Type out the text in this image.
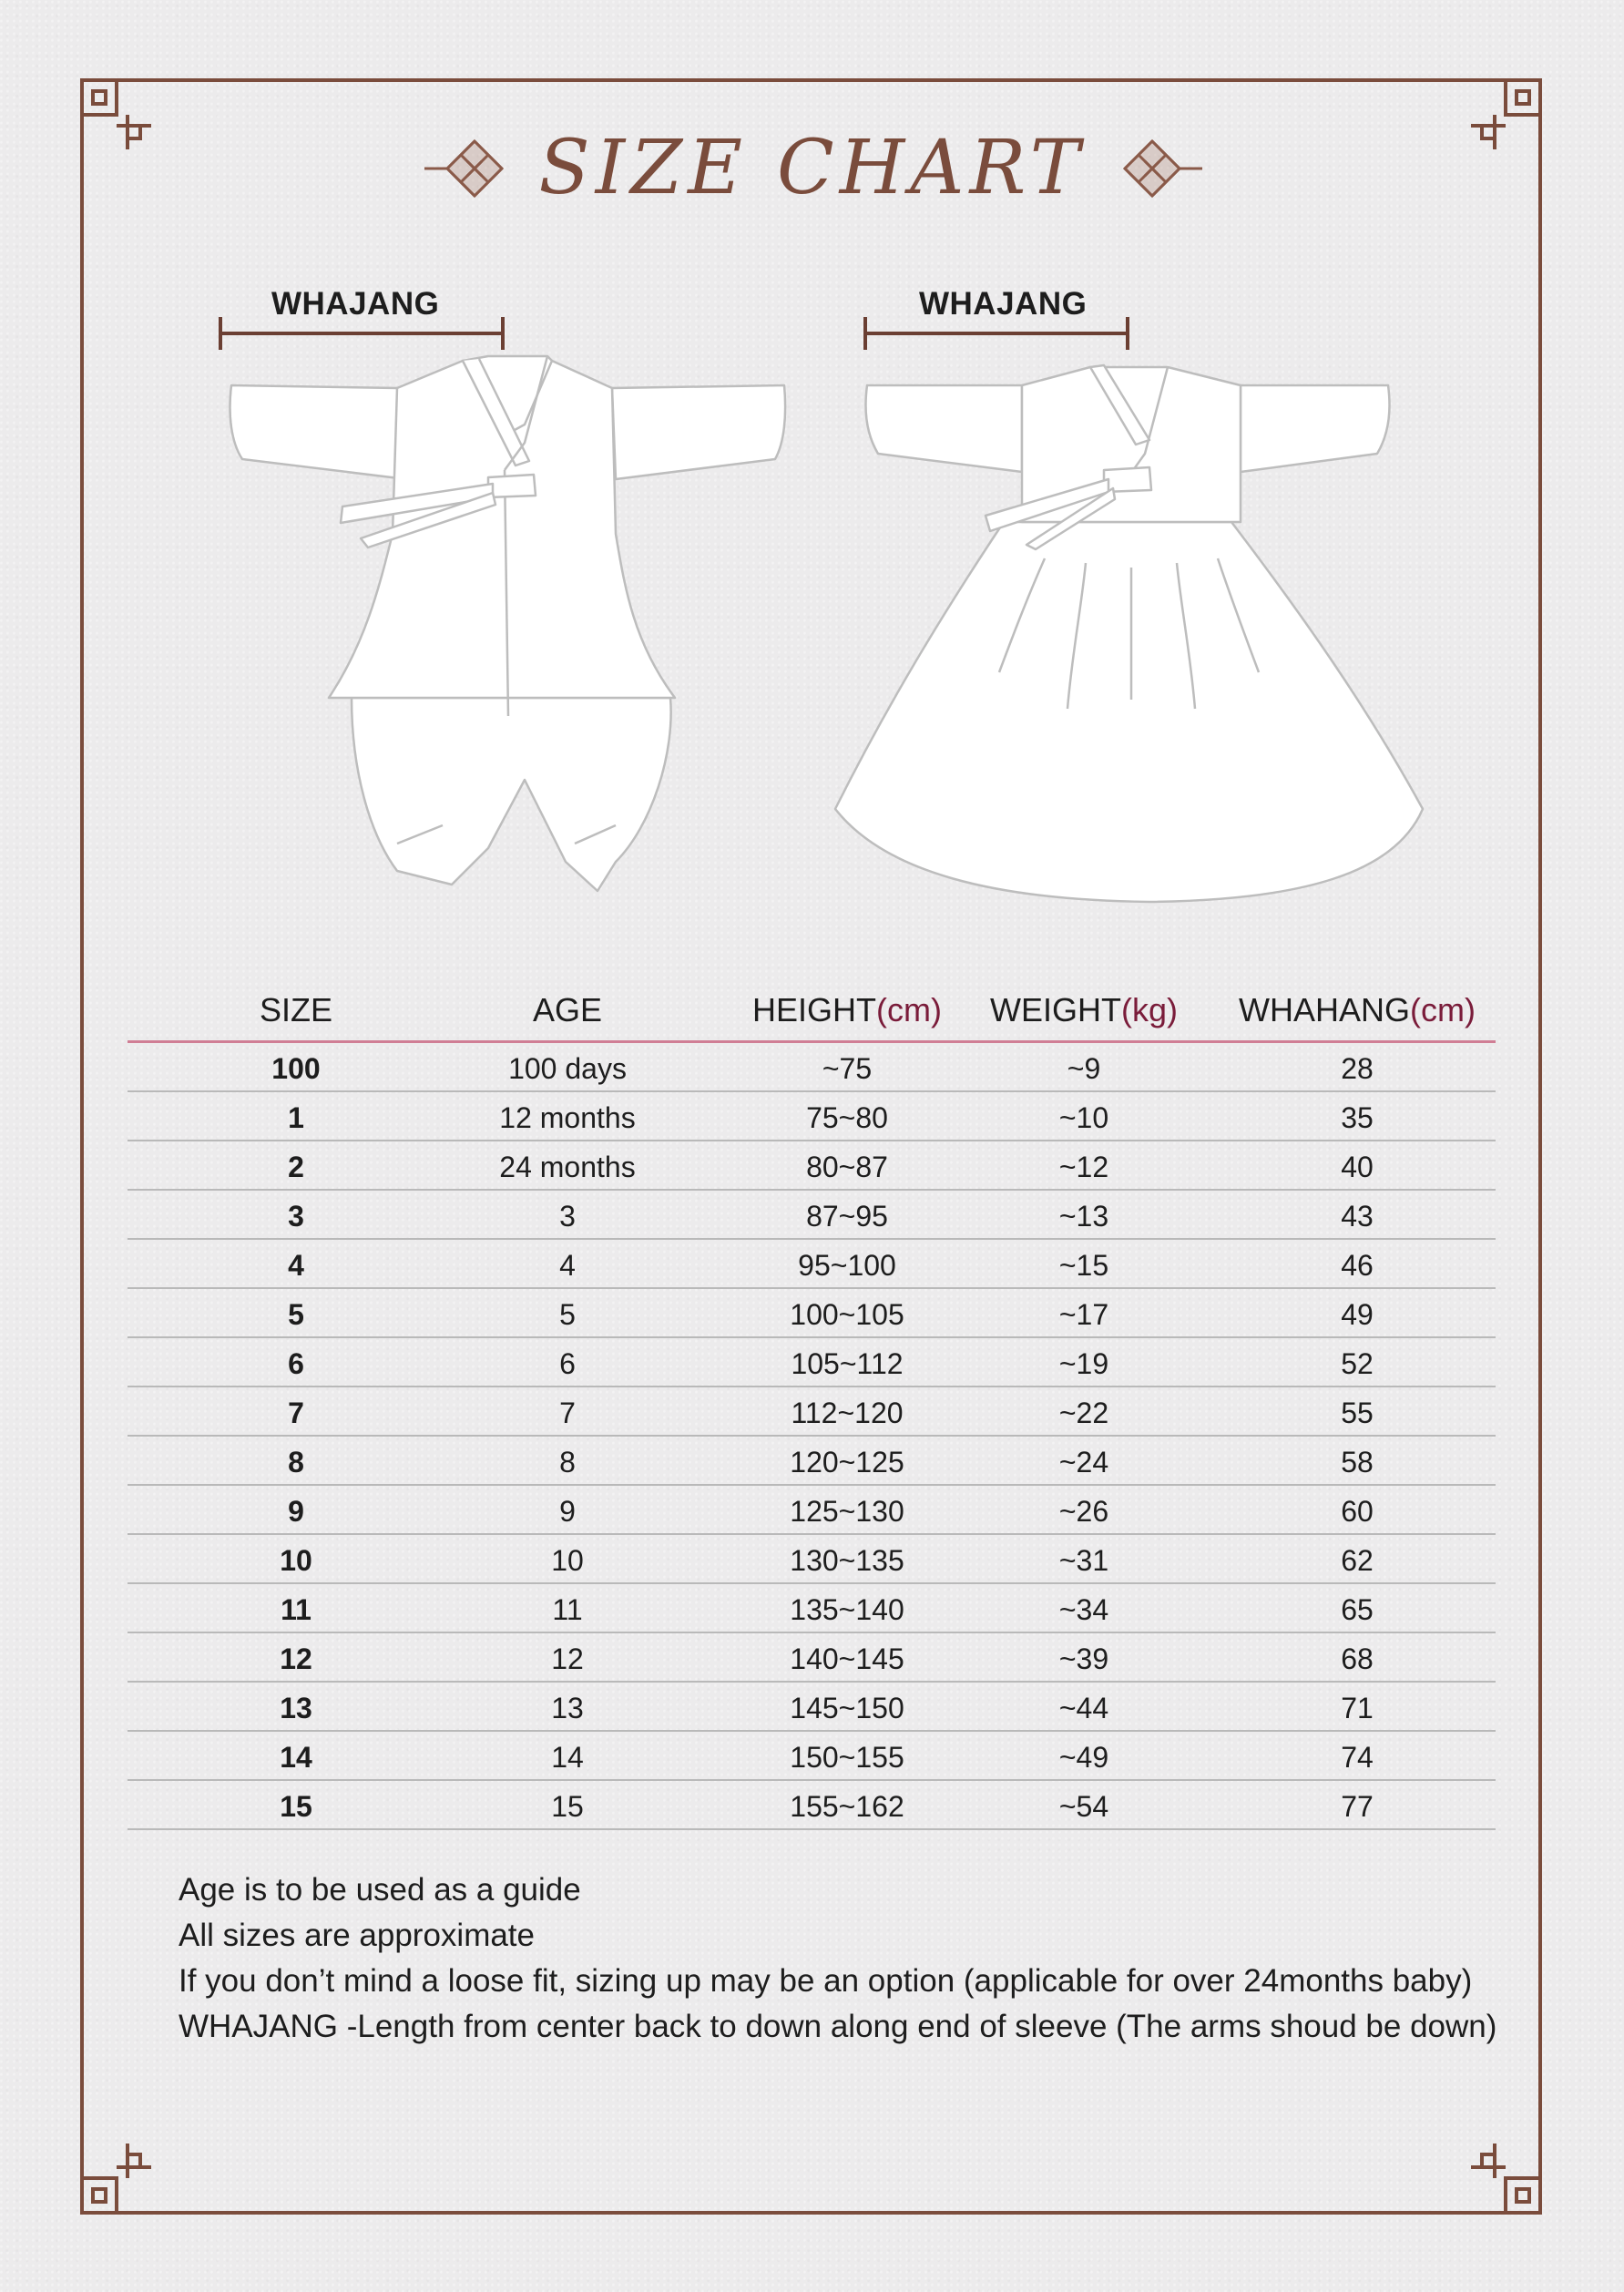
SIZE CHART
WHAJANG	WHAJANG
SIZE	AGE	HEIGHT(cm) WEIGHT(kg) WHAHANG(cm)
100	100 days	~75	~9	28
1	12 months	75~80	~10	35
2	24 months	80~87	~12	40
3	3	87~95	~13	43
4	4	95~100	~15	46
5	5	100~105	~17	49
6	6	105~112	~19	52
7	7	112~120	~22	55
8	8	120~125	~24	58
9	9	125~130	~26	60
10	10	130~135	~31	62
11	11	135~140	~34	65
12	12	140~145	~39	68
13	13	145~150	~44	71
14	14	150~155	~49	74
15	15	155~162	~54	77
Age is to be used as a guide
All sizes are approximate
If you don’t mind a loose fit, sizing up may be an option (applicable for over 24months baby)
WHAJANG -Length from center back to down along end of sleeve (The arms shoud be down)
